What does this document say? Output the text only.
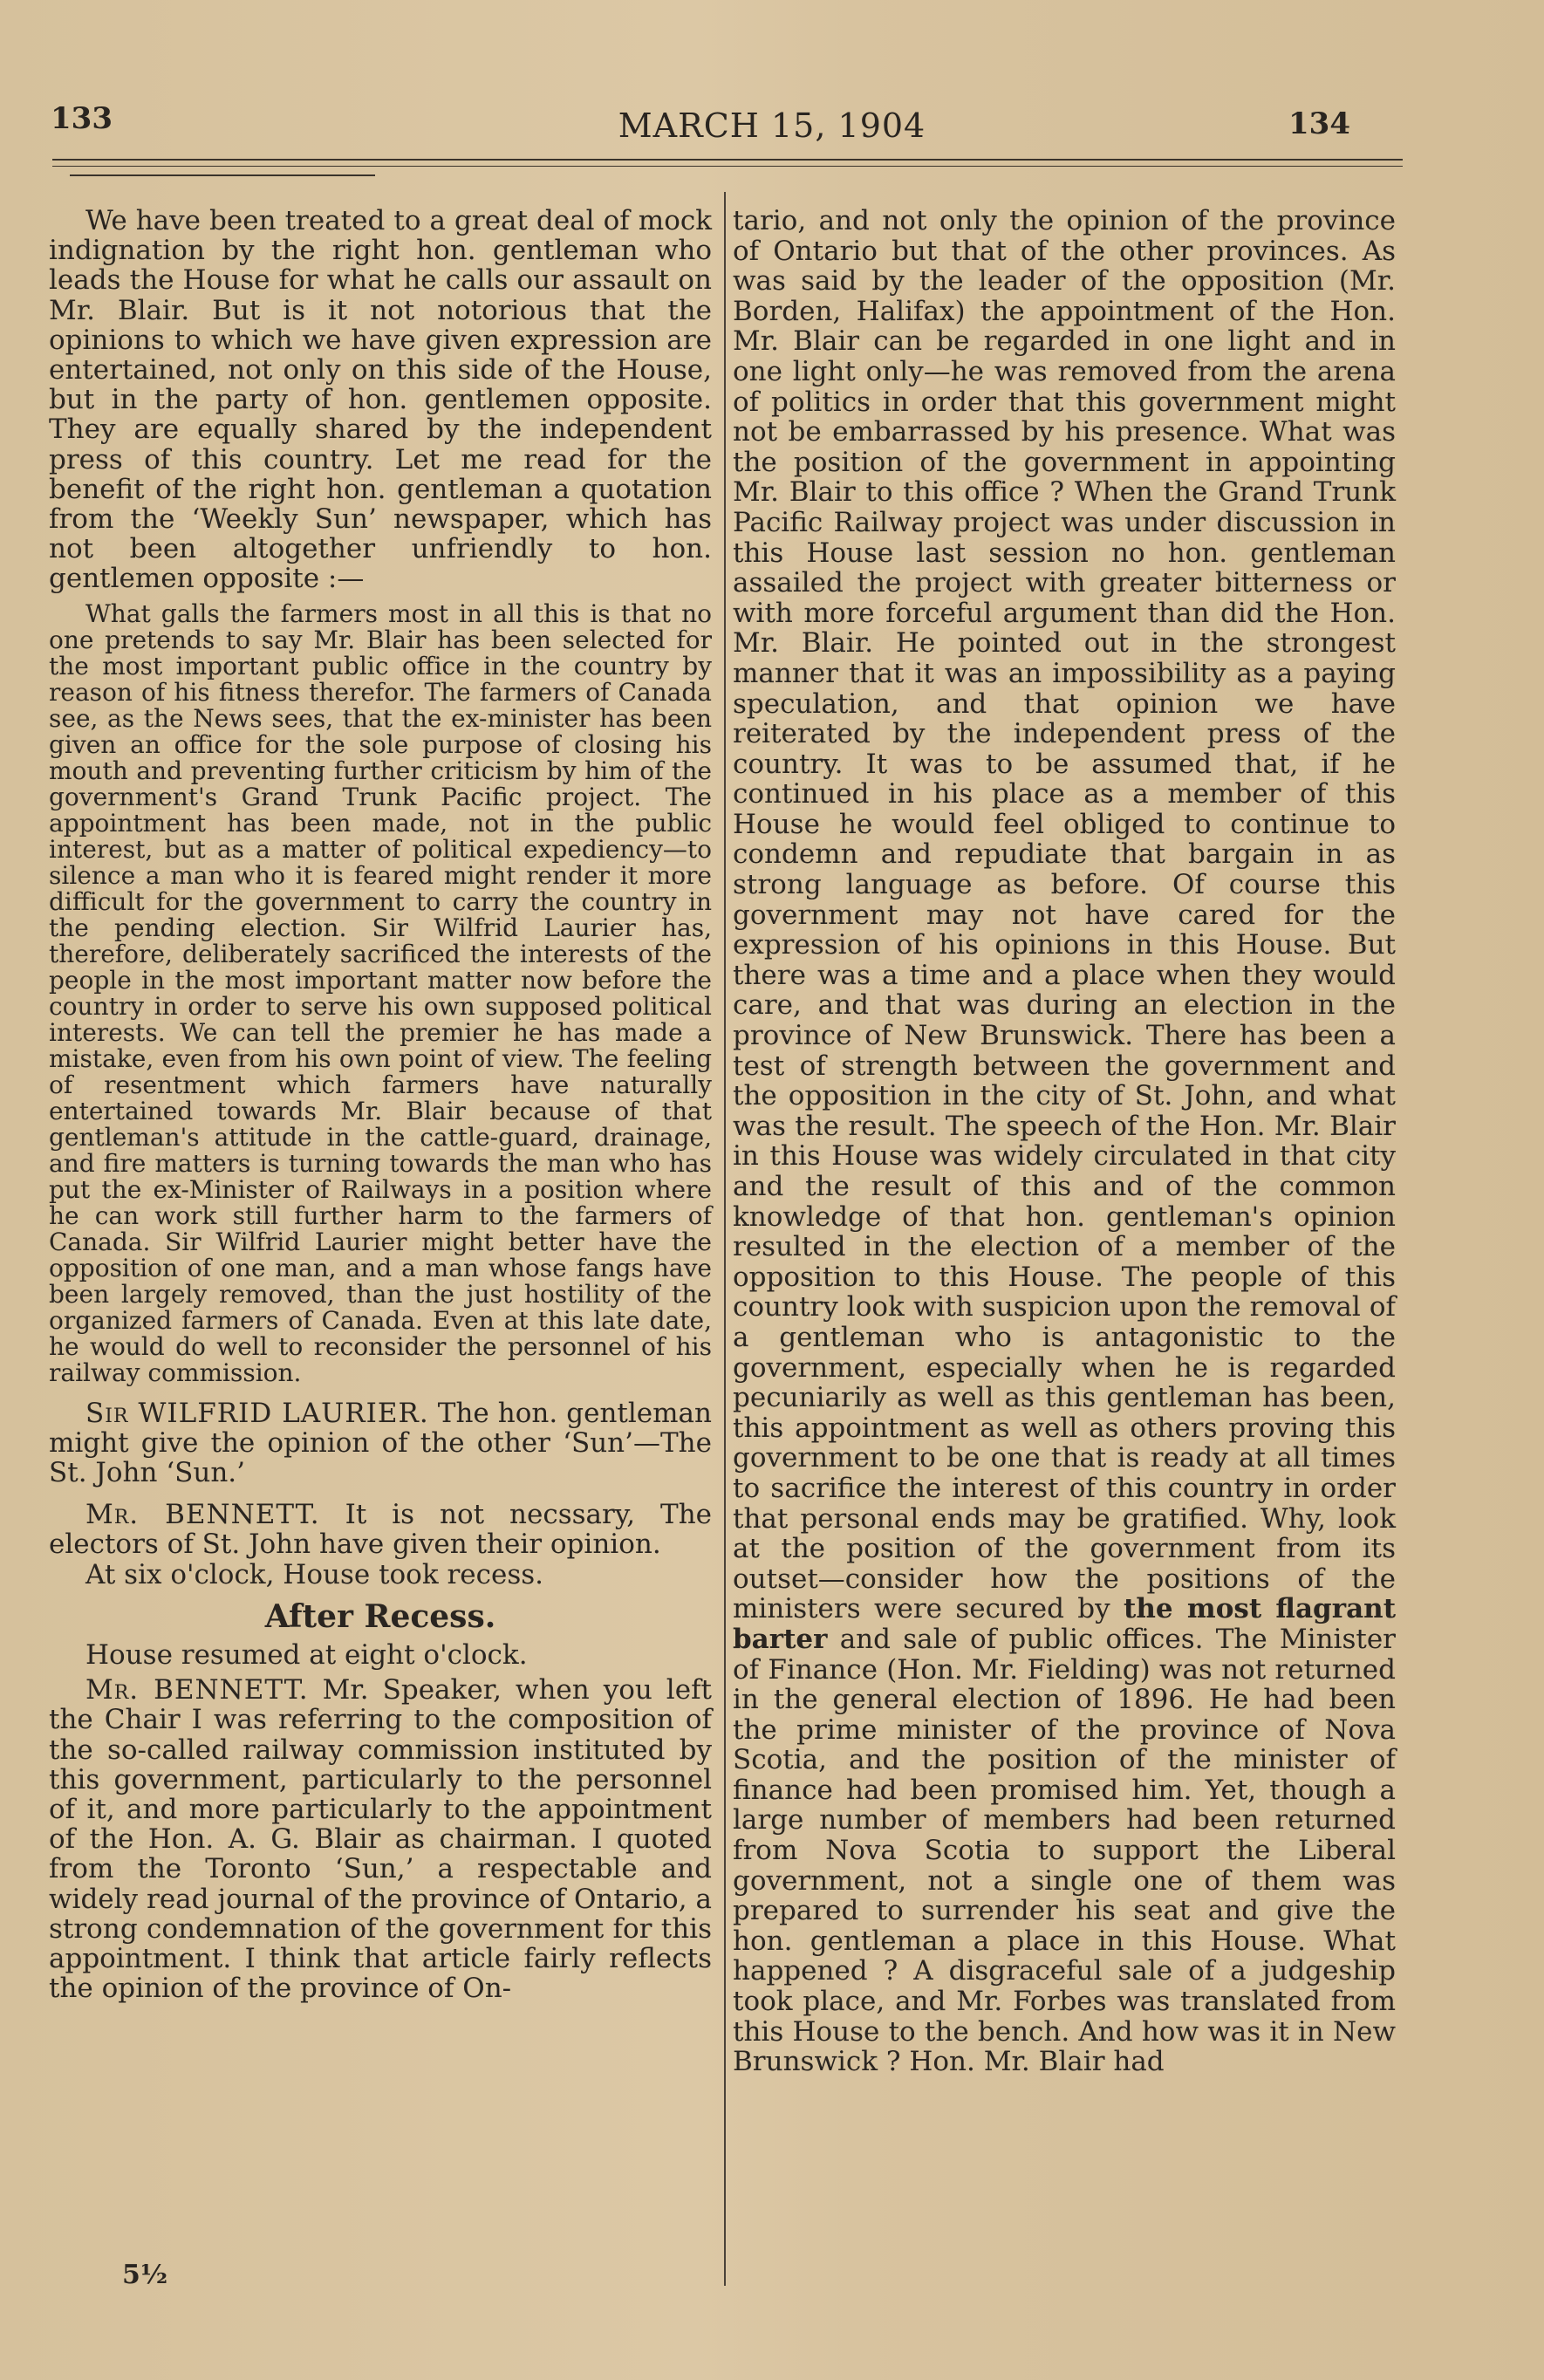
133	MARCH 15, 1904	134

We have been treated to a great deal of mock indignation by the right hon. gentleman who leads the House for what he calls our assault on Mr. Blair. But is it not notorious that the opinions to which we have given expression are entertained, not only on this side of the House, but in the party of hon. gentlemen opposite. They are equally shared by the independent press of this country. Let me read for the benefit of the right hon. gentleman a quotation from the ‘Weekly Sun’ newspaper, which has not been altogether unfriendly to hon. gentlemen opposite :—

What galls the farmers most in all this is that no one pretends to say Mr. Blair has been selected for the most important public office in the country by reason of his fitness therefor. The farmers of Canada see, as the News sees, that the ex-minister has been given an office for the sole purpose of closing his mouth and preventing further criticism by him of the government's Grand Trunk Pacific project. The appointment has been made, not in the public interest, but as a matter of political expediency—to silence a man who it is feared might render it more difficult for the government to carry the country in the pending election. Sir Wilfrid Laurier has, therefore, deliberately sacrificed the interests of the people in the most important matter now before the country in order to serve his own supposed political interests. We can tell the premier he has made a mistake, even from his own point of view. The feeling of resentment which farmers have naturally entertained towards Mr. Blair because of that gentleman's attitude in the cattle-guard, drainage, and fire matters is turning towards the man who has put the ex-Minister of Railways in a position where he can work still further harm to the farmers of Canada. Sir Wilfrid Laurier might better have the opposition of one man, and a man whose fangs have been largely removed, than the just hostility of the organized farmers of Canada. Even at this late date, he would do well to reconsider the personnel of his railway commission.

Sir WILFRID LAURIER. The hon. gentleman might give the opinion of the other ‘Sun’—The St. John ‘Sun.’

Mr. BENNETT. It is not necssary, The electors of St. John have given their opinion.

At six o'clock, House took recess.

After Recess.

House resumed at eight o'clock.

Mr. BENNETT. Mr. Speaker, when you left the Chair I was referring to the composition of the so-called railway commission instituted by this government, particularly to the personnel of it, and more particularly to the appointment of the Hon. A. G. Blair as chairman. I quoted from the Toronto ‘Sun,’ a respectable and widely read journal of the province of Ontario, a strong condemnation of the government for this appointment. I think that article fairly reflects the opinion of the province of On-

5½

tario, and not only the opinion of the province of Ontario but that of the other provinces. As was said by the leader of the opposition (Mr. Borden, Halifax) the appointment of the Hon. Mr. Blair can be regarded in one light and in one light only—he was removed from the arena of politics in order that this government might not be embarrassed by his presence. What was the position of the government in appointing Mr. Blair to this office ? When the Grand Trunk Pacific Railway project was under discussion in this House last session no hon. gentleman assailed the project with greater bitterness or with more forceful argument than did the Hon. Mr. Blair. He pointed out in the strongest manner that it was an impossibility as a paying speculation, and that opinion we have reiterated by the independent press of the country. It was to be assumed that, if he continued in his place as a member of this House he would feel obliged to continue to condemn and repudiate that bargain in as strong language as before. Of course this government may not have cared for the expression of his opinions in this House. But there was a time and a place when they would care, and that was during an election in the province of New Brunswick. There has been a test of strength between the government and the opposition in the city of St. John, and what was the result. The speech of the Hon. Mr. Blair in this House was widely circulated in that city and the result of this and of the common knowledge of that hon. gentleman's opinion resulted in the election of a member of the opposition to this House. The people of this country look with suspicion upon the removal of a gentleman who is antagonistic to the government, especially when he is regarded pecuniarily as well as this gentleman has been, this appointment as well as others proving this government to be one that is ready at all times to sacrifice the interest of this country in order that personal ends may be gratified. Why, look at the position of the government from its outset—consider how the positions of the ministers were secured by the most flagrant barter and sale of public offices. The Minister of Finance (Hon. Mr. Fielding) was not returned in the general election of 1896. He had been the prime minister of the province of Nova Scotia, and the position of the minister of finance had been promised him. Yet, though a large number of members had been returned from Nova Scotia to support the Liberal government, not a single one of them was prepared to surrender his seat and give the hon. gentleman a place in this House. What happened ? A disgraceful sale of a judgeship took place, and Mr. Forbes was translated from this House to the bench. And how was it in New Brunswick ? Hon. Mr. Blair had
